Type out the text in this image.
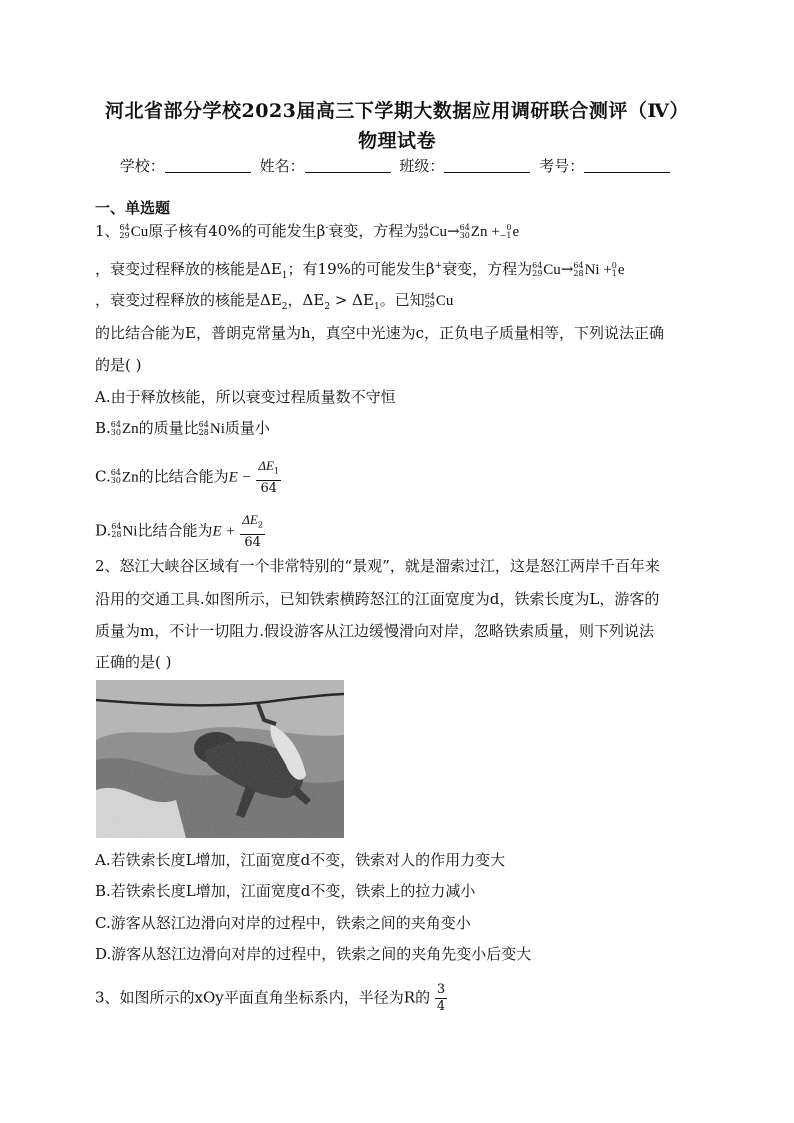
河北省部分学校2023届高三下学期大数据应用调研联合测评（Ⅳ）
物理试卷
学校：	姓名：	班级：	考号：
一、单选题
1、 64
29 Cu原子核有40%的可能发生β-衰变，方程为 64
29 Cu→ 64
30 Zn + 0
−1 e
，衰变过程释放的核能是$\Delta E_1$；有19%的可能发生β+衰变，方程为 64
29 Cu→ 64
28 Ni + 0
1 e
，衰变过程释放的核能是$\Delta E_2$，$\Delta E_2 > \Delta E_1$。已知 64
29 Cu
的比结合能为E，普朗克常量为h，真空中光速为c，正负电子质量相等，下列说法正确
的是( )
A.由于释放核能，所以衰变过程质量数不守恒
B. 64
30 Zn的质量比 64
28 Ni质量小
C. 64
30 Zn的比结合能为$E - \frac{\Delta E_1}{64}$
D. 64
28 Ni比结合能为$E + \frac{\Delta E_2}{64}$
2、怒江大峡谷区域有一个非常特别的“景观”，就是溜索过江，这是怒江两岸千百年来
沿用的交通工具.如图所示，已知铁索横跨怒江的江面宽度为d，铁索长度为L，游客的
质量为m，不计一切阻力.假设游客从江边缓慢滑向对岸，忽略铁索质量，则下列说法
正确的是( )
A.若铁索长度L增加，江面宽度d不变，铁索对人的作用力变大
B.若铁索长度L增加，江面宽度d不变，铁索上的拉力减小
C.游客从怒江边滑向对岸的过程中，铁索之间的夹角变小
D.游客从怒江边滑向对岸的过程中，铁索之间的夹角先变小后变大
3、如图所示的xOy平面直角坐标系内，半径为R的 $\frac{3}{4}$
